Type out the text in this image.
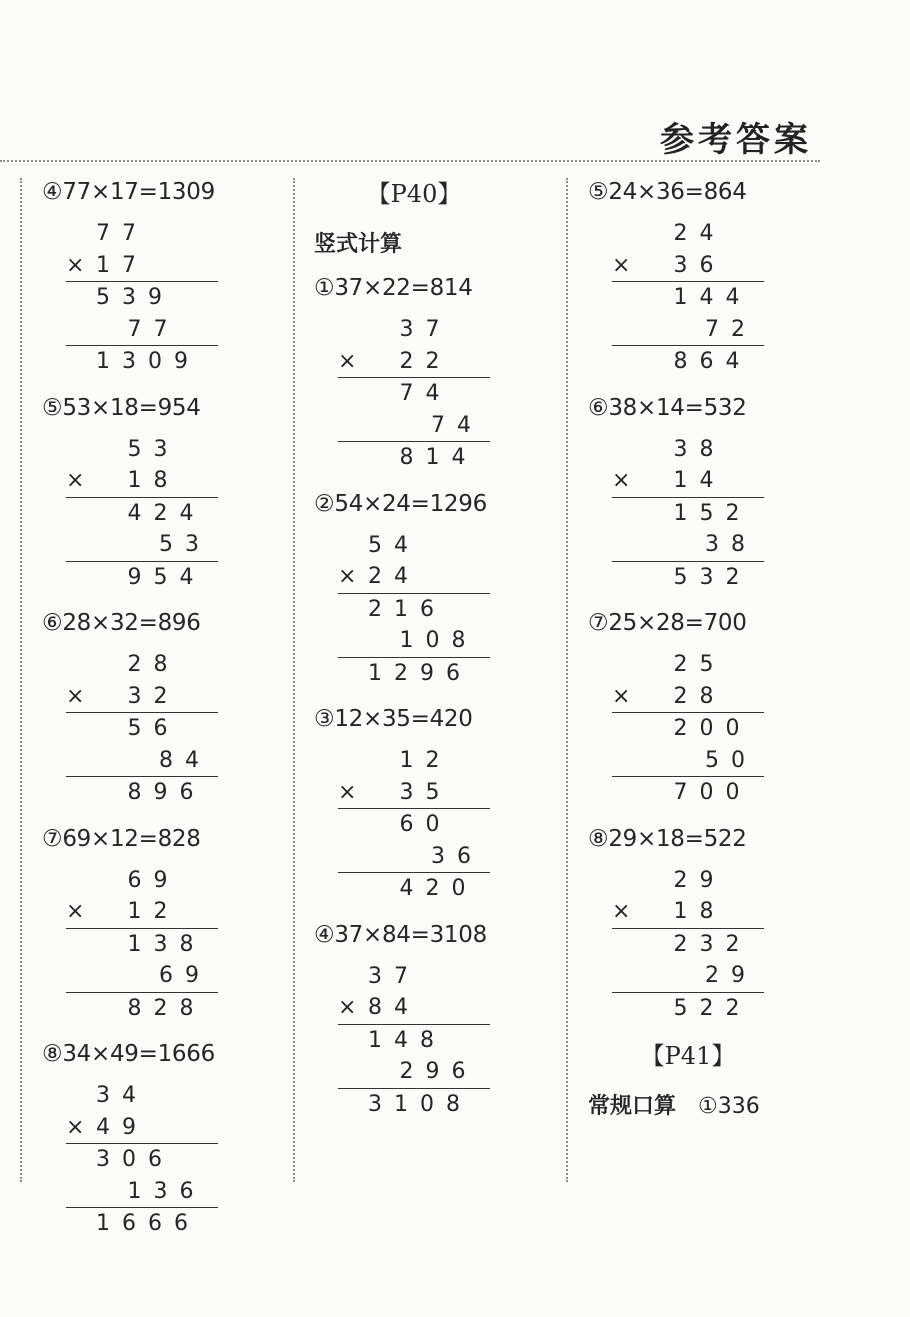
参考答案
④77×17=1309
77
× 17
539
77
1309
⑤53×18=954
53
× 18
424
53
954
⑥28×32=896
28
× 32
56
84
896
⑦69×12=828
69
× 12
138
69
828
⑧34×49=1666
34
× 49
306
136
1666
【P40】
竖式计算
①37×22=814
37
× 22
74
74
814
②54×24=1296
54
× 24
216
108
1296
③12×35=420
12
× 35
60
36
420
④37×84=3108
37
× 84
148
296
3108
⑤24×36=864
24
× 36
144
72
864
⑥38×14=532
38
× 14
152
38
532
⑦25×28=700
25
× 28
200
50
700
⑧29×18=522
29
× 18
232
29
522
【P41】
常规口算 ①336
